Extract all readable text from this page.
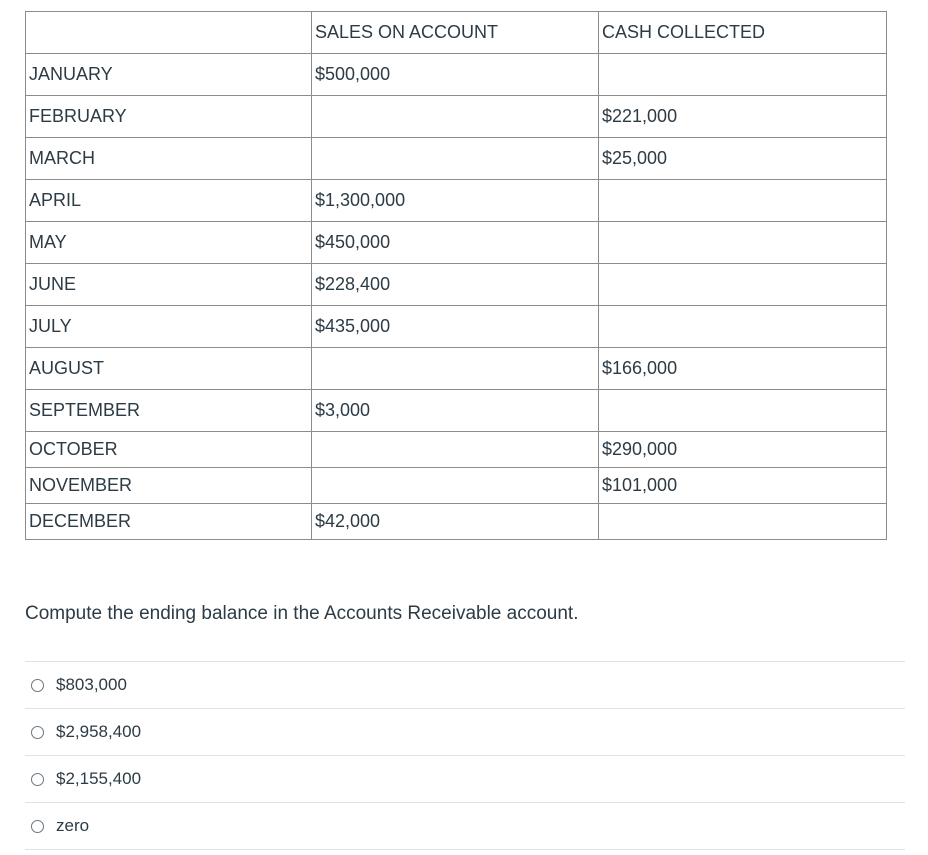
	SALES ON ACCOUNT	CASH COLLECTED
JANUARY	$500,000	
FEBRUARY		$221,000
MARCH		$25,000
APRIL	$1,300,000	
MAY	$450,000	
JUNE	$228,400	
JULY	$435,000	
AUGUST		$166,000
SEPTEMBER	$3,000	
OCTOBER		$290,000
NOVEMBER		$101,000
DECEMBER	$42,000	
Compute the ending balance in the Accounts Receivable account.
$803,000
$2,958,400
$2,155,400
zero
